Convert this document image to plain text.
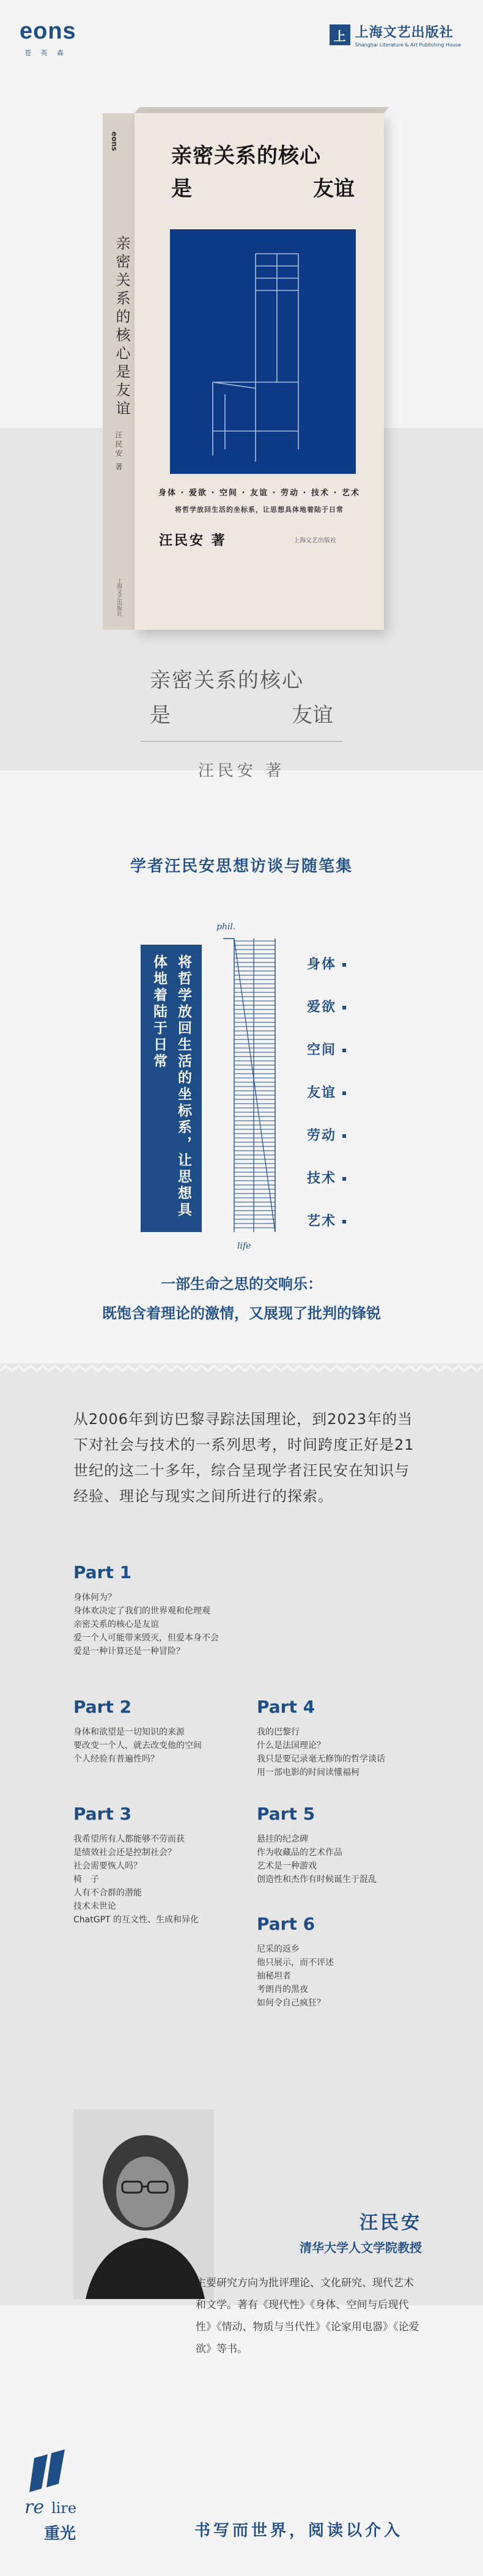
eons
苍 英 森
上 上海文艺出版社
Shanghai Literature & Art Publishing House
eons
亲密关系的核心是友谊
汪民安 著
上海文艺出版社
亲密关系的核心
是	友谊
身体 · 爱欲 · 空间 · 友谊 · 劳动 · 技术 · 艺术
将哲学放回生活的坐标系，让思想具体地着陆于日常
汪民安 著	上海文艺出版社
亲密关系的核心
是	友谊
汪民安 著
学者汪民安思想访谈与随笔集
将哲学放回生活的坐标系，让思想具体地着陆于日常
phil.
life
身体
爱欲
空间
友谊
劳动
技术
艺术
一部生命之思的交响乐：
既饱含着理论的激情，又展现了批判的锋锐
从2006年到访巴黎寻踪法国理论，到2023年的当下对社会与技术的一系列思考，时间跨度正好是21世纪的这二十多年，综合呈现学者汪民安在知识与经验、理论与现实之间所进行的探索。
Part 1
身体何为？
身体欢决定了我们的世界观和伦理观
亲密关系的核心是友谊
爱一个人可能带来毁灭，但爱本身不会
爱是一种计算还是一种冒险？
Part 2
身体和欲望是一切知识的来源
要改变一个人，就去改变他的空间
个人经验有普遍性吗？
Part 3
我希望所有人都能够不劳而获
是绩效社会还是控制社会？
社会需要恢人吗？
椅　子
人有不合群的潜能
技术未世论
ChatGPT 的互文性、生成和异化
Part 4
我的巴黎行
什么是法国理论？
我只是要记录毫无修饰的哲学谈话
用一部电影的时间读懂福柯
Part 5
悬挂的纪念碑
作为收藏品的艺术作品
艺术是一种游戏
创造性和杰作有时候诞生于混乱
Part 6
尼采的返乡
他只展示，而不评述
抽秘坦者
考朗肖的黑夜
如何令自己疯狂？
汪民安
清华大学人文学院教授
主要研究方向为批评理论、文化研究、现代艺术和文学。著有《现代性》《身体、空间与后现代性》《情动、物质与当代性》《论家用电器》《论爱欲》等书。
re lire
重光	书写而世界，阅读以介入
